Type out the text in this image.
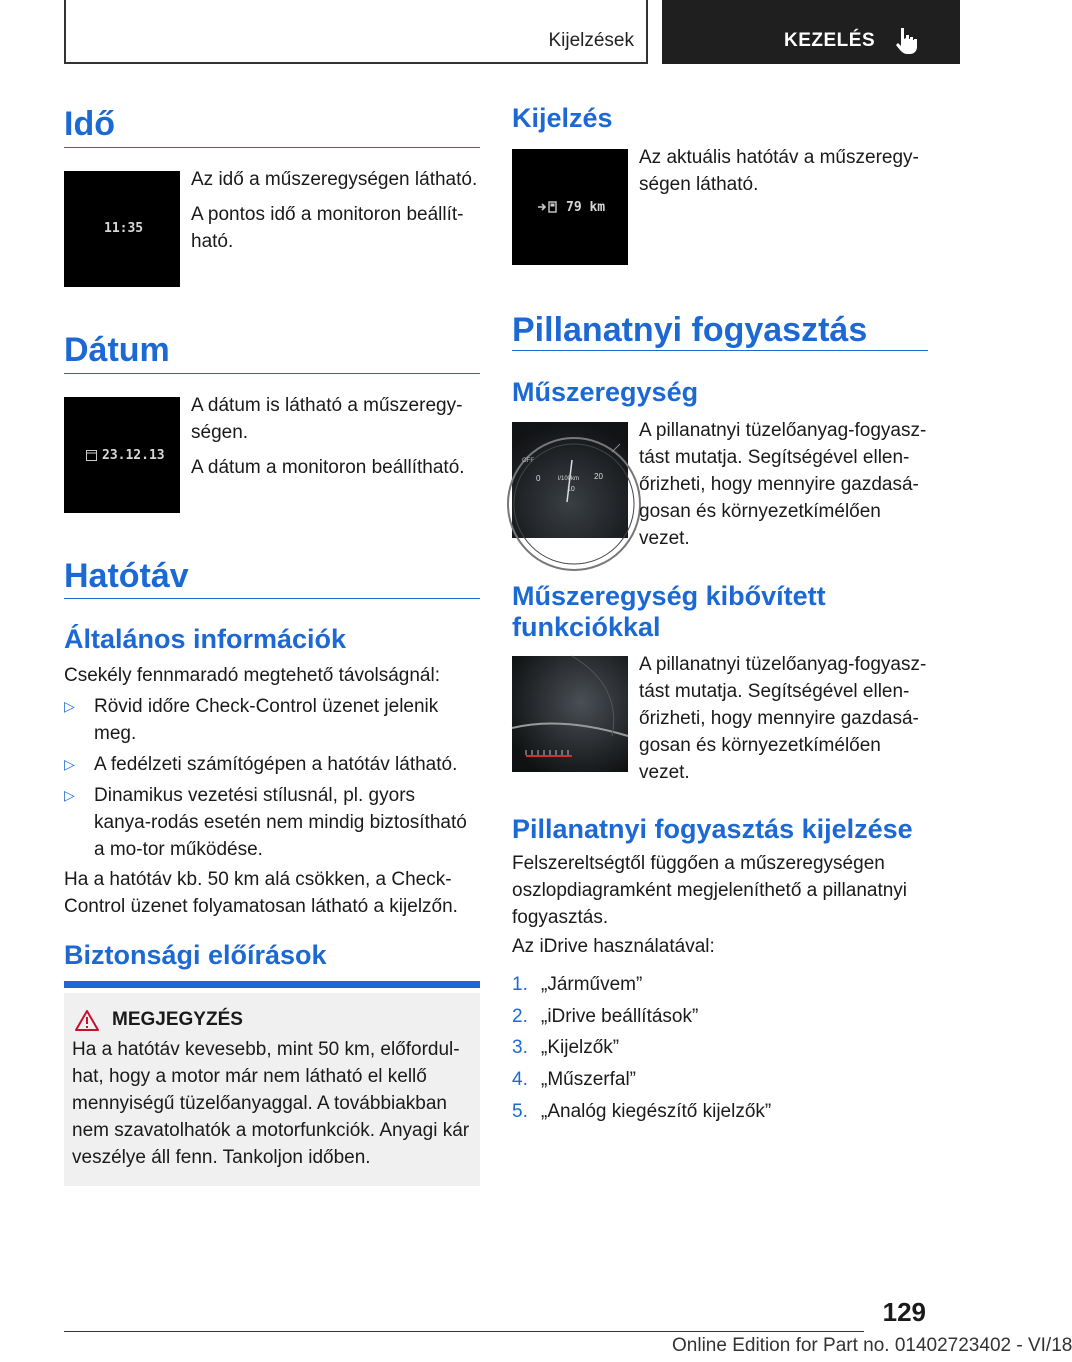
Kijelzések	KEZELÉS
Idő
11:35

Az idő a műszeregységen látható.

A pontos idő a monitoron beállít-ható.

Dátum
23.12.13

A dátum is látható a műszeregy-ségen.

A dátum a monitoron beállítható.

Hatótáv
Általános információk
Csekély fennmaradó megtehető távolságnál:
▷ Rövid időre Check-Control üzenet jelenik meg.
▷ A fedélzeti számítógépen a hatótáv látható.
▷ Dinamikus vezetési stílusnál, pl. gyors kanya-rodás esetén nem mindig biztosítható a mo-tor működése.
Ha a hatótáv kb. 50 km alá csökken, a Check-Control üzenet folyamatosan látható a kijelzőn.
Biztonsági előírások
MEGJEGYZÉS
Ha a hatótáv kevesebb, mint 50 km, előfordul-hat, hogy a motor már nem látható el kellő mennyiségű tüzelőanyaggal. A továbbiakban nem szavatolhatók a motorfunkciók. Anyagi kár veszélye áll fenn. Tankoljon időben.
Kijelzés
79 km
Az aktuális hatótáv a műszeregy-ségen látható.
Pillanatnyi fogyasztás
Műszeregység
OFF
0	l/100km
10
20
A pillanatnyi tüzelőanyag-fogyasz-tást mutatja. Segítségével ellen-őrizheti, hogy mennyire gazdasá-gosan és környezetkímélően vezet.
Műszeregység kibővített funkciókkal
A pillanatnyi tüzelőanyag-fogyasz-tást mutatja. Segítségével ellen-őrizheti, hogy mennyire gazdasá-gosan és környezetkímélően vezet.
Pillanatnyi fogyasztás kijelzése
Felszereltségtől függően a műszeregységen oszlopdiagramként megjeleníthető a pillanatnyi fogyasztás.
Az iDrive használatával:
1. „Járművem”
2. „iDrive beállítások”
3. „Kijelzők”
4. „Műszerfal”
5. „Analóg kiegészítő kijelzők”
129
Online Edition for Part no. 01402723402 - VI/18
